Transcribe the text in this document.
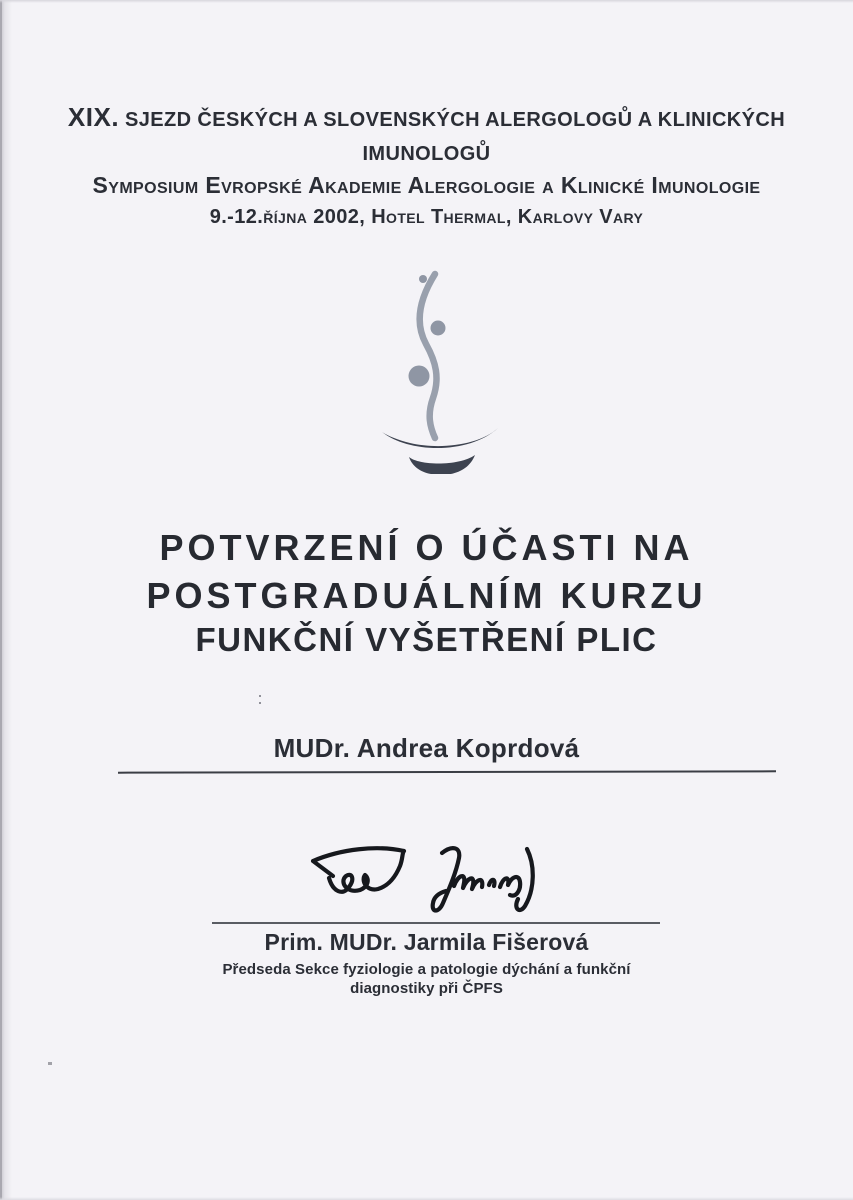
XIX. SJEZD ČESKÝCH A SLOVENSKÝCH ALERGOLOGŮ A KLINICKÝCH
IMUNOLOGŮ
Symposium Evropské Akademie Alergologie a Klinické Imunologie
9.-12.října 2002, Hotel Thermal, Karlovy Vary
POTVRZENÍ O ÚČASTI NA
POSTGRADUÁLNÍM KURZU
FUNKČNÍ VYŠETŘENÍ PLIC
MUDr. Andrea Koprdová
Prim. MUDr. Jarmila Fišerová
Předseda Sekce fyziologie a patologie dýchání a funkční
diagnostiky při ČPFS
